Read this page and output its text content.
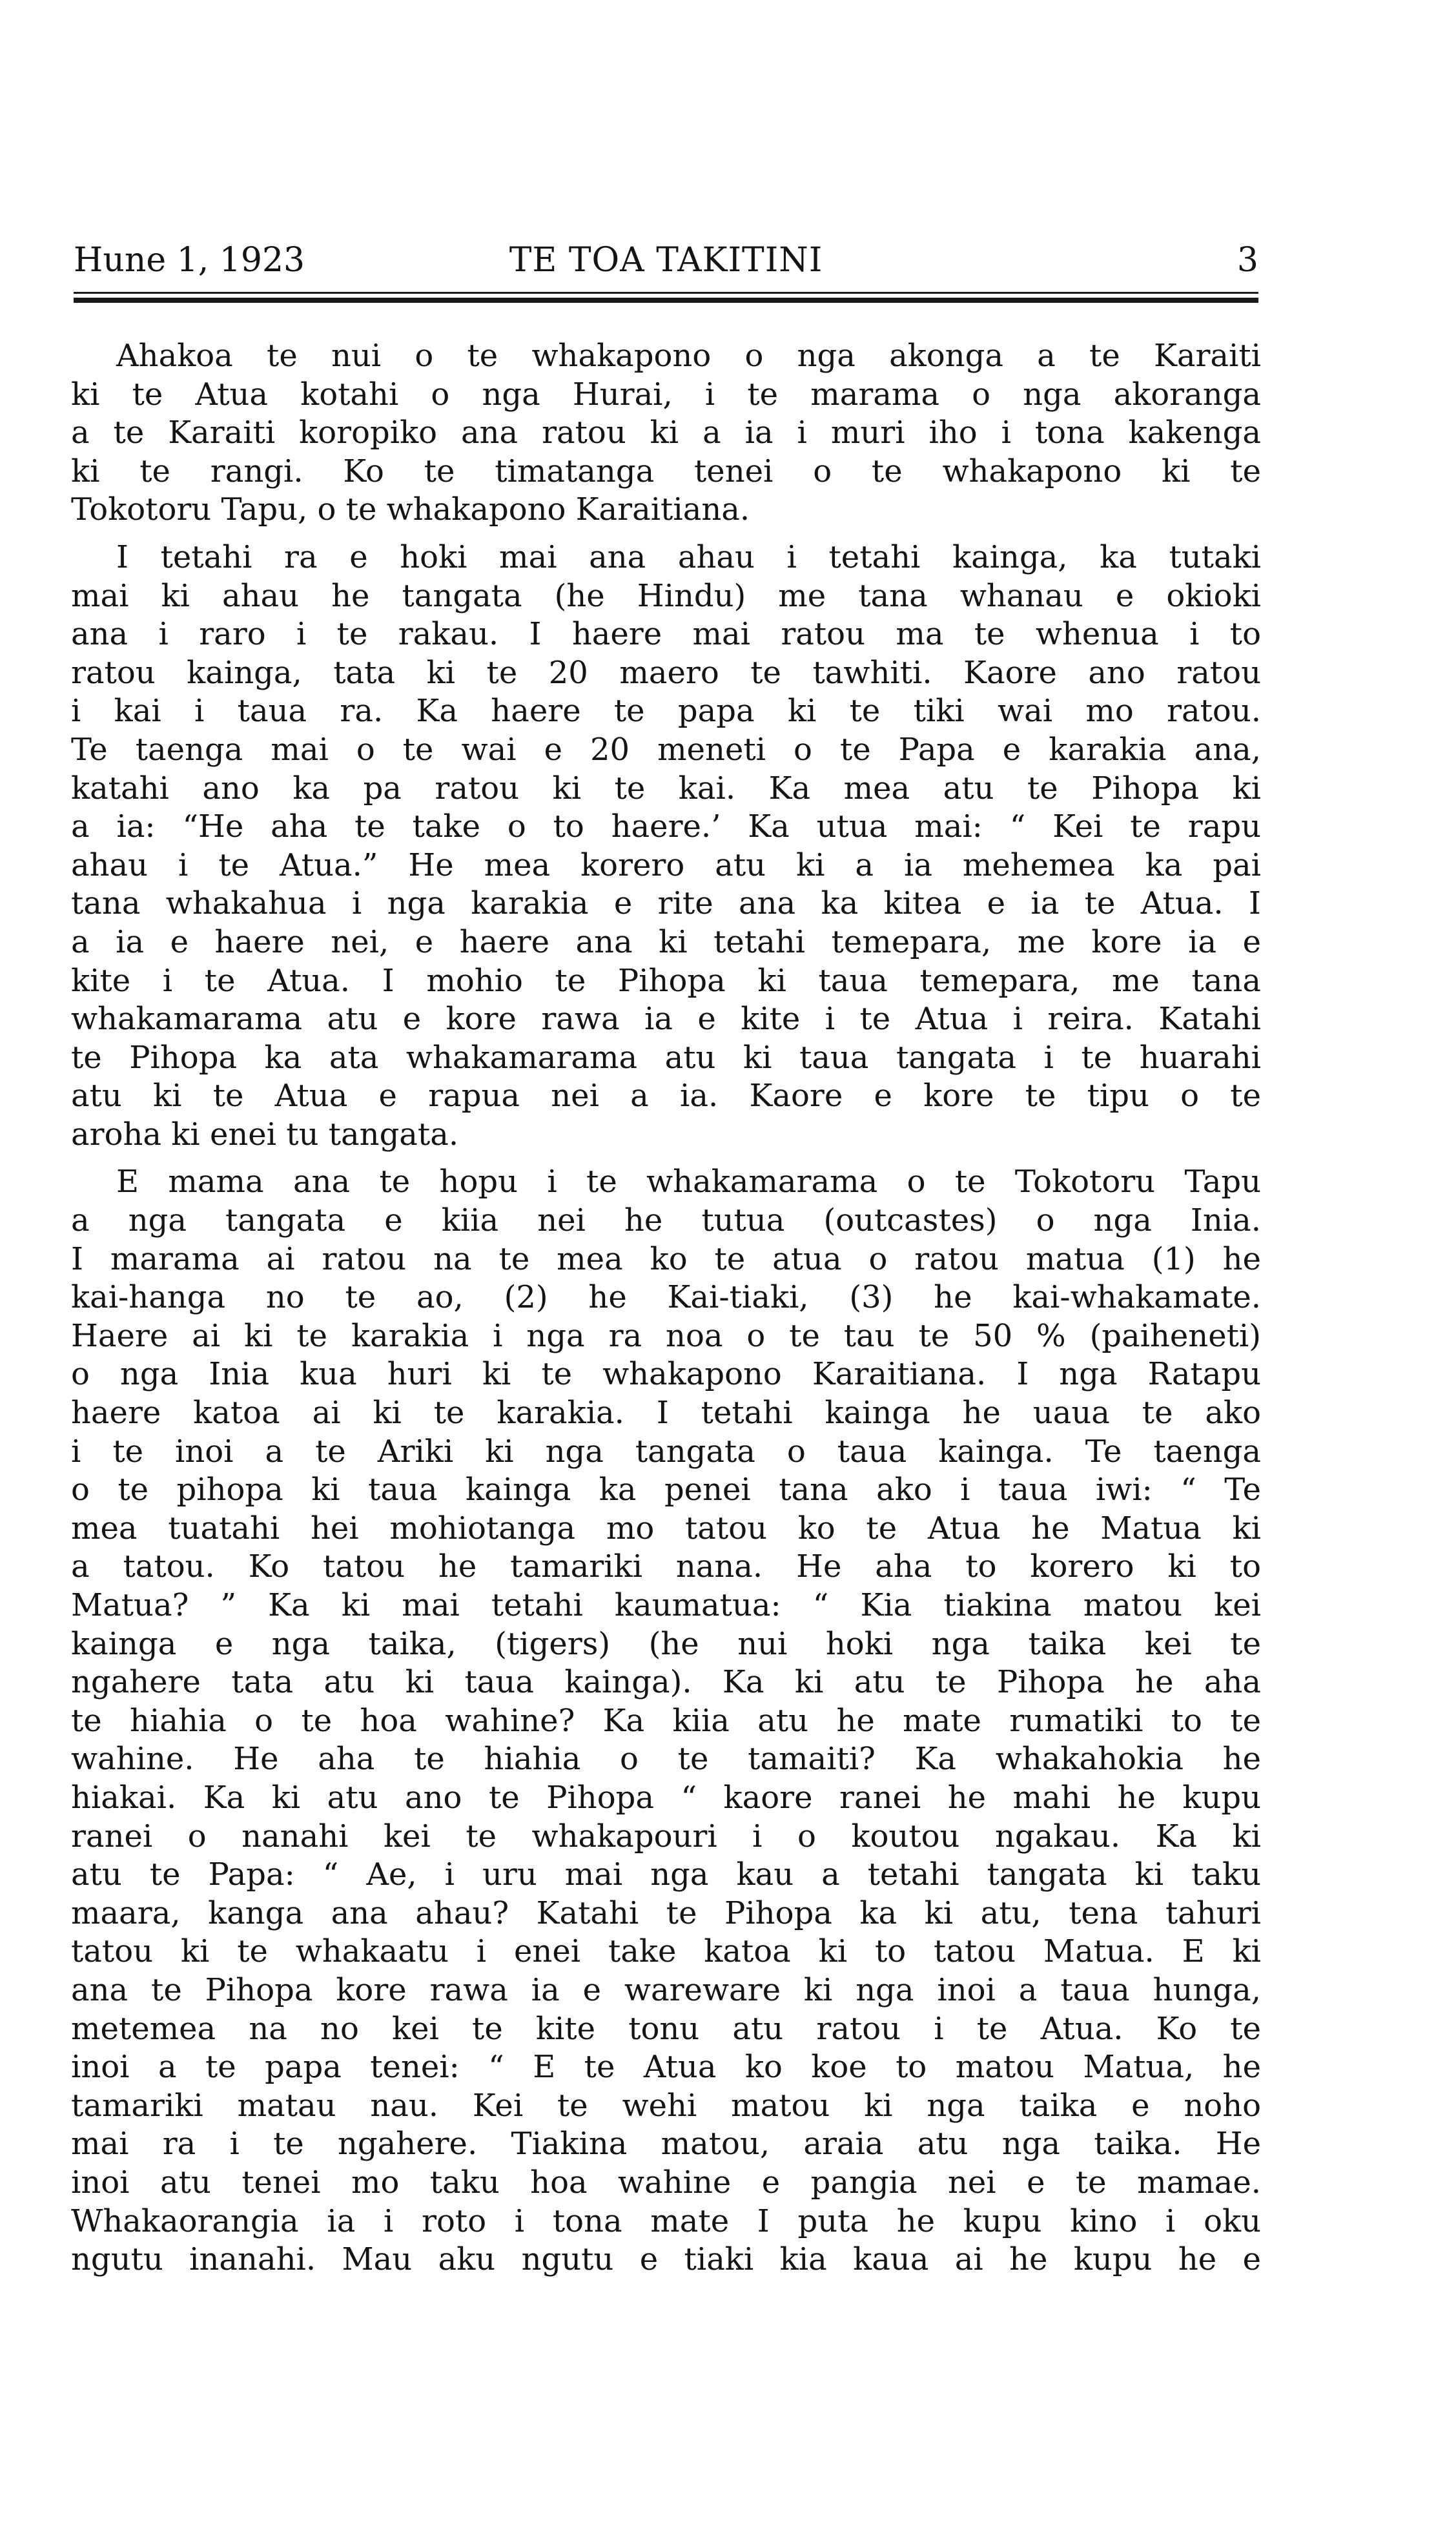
Hune 1, 1923	TE TOA TAKITINI	3

Ahakoa te nui o te whakapono o nga akonga a te Karaiti
ki te Atua kotahi o nga Hurai, i te marama o nga akoranga
a te Karaiti koropiko ana ratou ki a ia i muri iho i tona kakenga
ki te rangi. Ko te timatanga tenei o te whakapono ki te
Tokotoru Tapu, o te whakapono Karaitiana.

I tetahi ra e hoki mai ana ahau i tetahi kainga, ka tutaki
mai ki ahau he tangata (he Hindu) me tana whanau e okioki
ana i raro i te rakau. I haere mai ratou ma te whenua i to
ratou kainga, tata ki te 20 maero te tawhiti. Kaore ano ratou
i kai i taua ra. Ka haere te papa ki te tiki wai mo ratou.
Te taenga mai o te wai e 20 meneti o te Papa e karakia ana,
katahi ano ka pa ratou ki te kai. Ka mea atu te Pihopa ki
a ia: “He aha te take o to haere.’ Ka utua mai: “ Kei te rapu
ahau i te Atua.” He mea korero atu ki a ia mehemea ka pai
tana whakahua i nga karakia e rite ana ka kitea e ia te Atua. I
a ia e haere nei, e haere ana ki tetahi temepara, me kore ia e
kite i te Atua. I mohio te Pihopa ki taua temepara, me tana
whakamarama atu e kore rawa ia e kite i te Atua i reira. Katahi
te Pihopa ka ata whakamarama atu ki taua tangata i te huarahi
atu ki te Atua e rapua nei a ia. Kaore e kore te tipu o te
aroha ki enei tu tangata.

E mama ana te hopu i te whakamarama o te Tokotoru Tapu
a nga tangata e kiia nei he tutua (outcastes) o nga Inia.
I marama ai ratou na te mea ko te atua o ratou matua (1) he
kai-hanga no te ao, (2) he Kai-tiaki, (3) he kai-whakamate.
Haere ai ki te karakia i nga ra noa o te tau te 50 % (paiheneti)
o nga Inia kua huri ki te whakapono Karaitiana. I nga Ratapu
haere katoa ai ki te karakia. I tetahi kainga he uaua te ako
i te inoi a te Ariki ki nga tangata o taua kainga. Te taenga
o te pihopa ki taua kainga ka penei tana ako i taua iwi: “ Te
mea tuatahi hei mohiotanga mo tatou ko te Atua he Matua ki
a tatou. Ko tatou he tamariki nana. He aha to korero ki to
Matua? ” Ka ki mai tetahi kaumatua: “ Kia tiakina matou kei
kainga e nga taika, (tigers) (he nui hoki nga taika kei te
ngahere tata atu ki taua kainga). Ka ki atu te Pihopa he aha
te hiahia o te hoa wahine? Ka kiia atu he mate rumatiki to te
wahine. He aha te hiahia o te tamaiti? Ka whakahokia he
hiakai. Ka ki atu ano te Pihopa “ kaore ranei he mahi he kupu
ranei o nanahi kei te whakapouri i o koutou ngakau. Ka ki
atu te Papa: “ Ae, i uru mai nga kau a tetahi tangata ki taku
maara, kanga ana ahau? Katahi te Pihopa ka ki atu, tena tahuri
tatou ki te whakaatu i enei take katoa ki to tatou Matua. E ki
ana te Pihopa kore rawa ia e wareware ki nga inoi a taua hunga,
metemea na no kei te kite tonu atu ratou i te Atua. Ko te
inoi a te papa tenei: “ E te Atua ko koe to matou Matua, he
tamariki matau nau. Kei te wehi matou ki nga taika e noho
mai ra i te ngahere. Tiakina matou, araia atu nga taika. He
inoi atu tenei mo taku hoa wahine e pangia nei e te mamae.
Whakaorangia ia i roto i tona mate I puta he kupu kino i oku
ngutu inanahi. Mau aku ngutu e tiaki kia kaua ai he kupu he e
